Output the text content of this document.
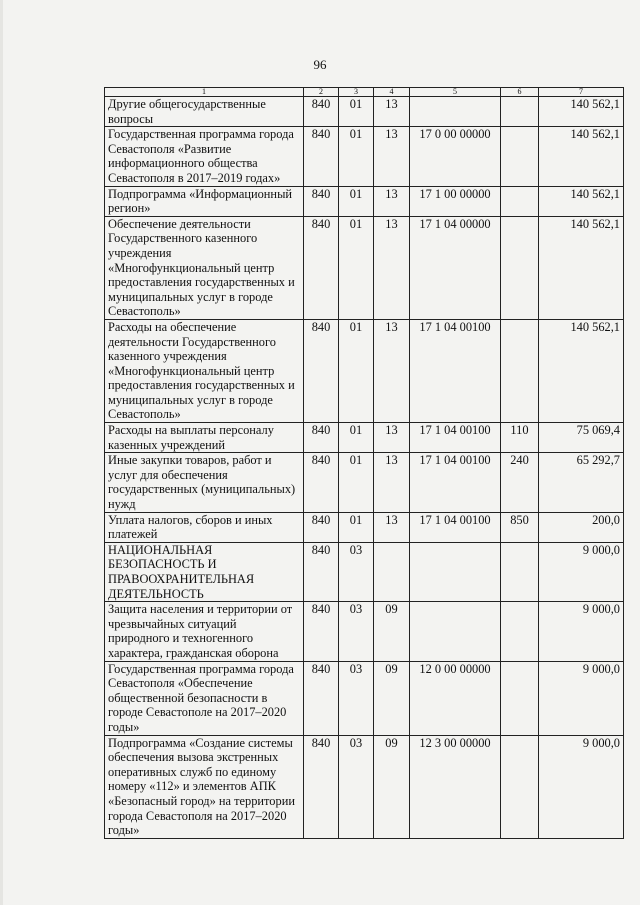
96
1	2	3	4	5	6	7
Другие общегосударственные вопросы	840	01	13			140 562,1
Государственная программа города Севастополя «Развитие информационного общества Севастополя в 2017–2019 годах»	840	01	13	17 0 00 00000		140 562,1
Подпрограмма «Информационный регион»	840	01	13	17 1 00 00000		140 562,1
Обеспечение деятельности Государственного казенного учреждения «Многофункциональный центр предоставления государственных и муниципальных услуг в городе Севастополь»	840	01	13	17 1 04 00000		140 562,1
Расходы на обеспечение деятельности Государственного казенного учреждения «Многофункциональный центр предоставления государственных и муниципальных услуг в городе Севастополь»	840	01	13	17 1 04 00100		140 562,1
Расходы на выплаты персоналу казенных учреждений	840	01	13	17 1 04 00100	110	75 069,4
Иные закупки товаров, работ и услуг для обеспечения государственных (муниципальных) нужд	840	01	13	17 1 04 00100	240	65 292,7
Уплата налогов, сборов и иных платежей	840	01	13	17 1 04 00100	850	200,0
НАЦИОНАЛЬНАЯ БЕЗОПАСНОСТЬ И ПРАВООХРАНИТЕЛЬНАЯ ДЕЯТЕЛЬНОСТЬ	840	03				9 000,0
Защита населения и территории от чрезвычайных ситуаций природного и техногенного характера, гражданская оборона	840	03	09			9 000,0
Государственная программа города Севастополя «Обеспечение общественной безопасности в городе Севастополе на 2017–2020 годы»	840	03	09	12 0 00 00000		9 000,0
Подпрограмма «Создание системы обеспечения вызова экстренных оперативных служб по единому номеру «112» и элементов АПК «Безопасный город» на территории города Севастополя на 2017–2020 годы»	840	03	09	12 3 00 00000		9 000,0
